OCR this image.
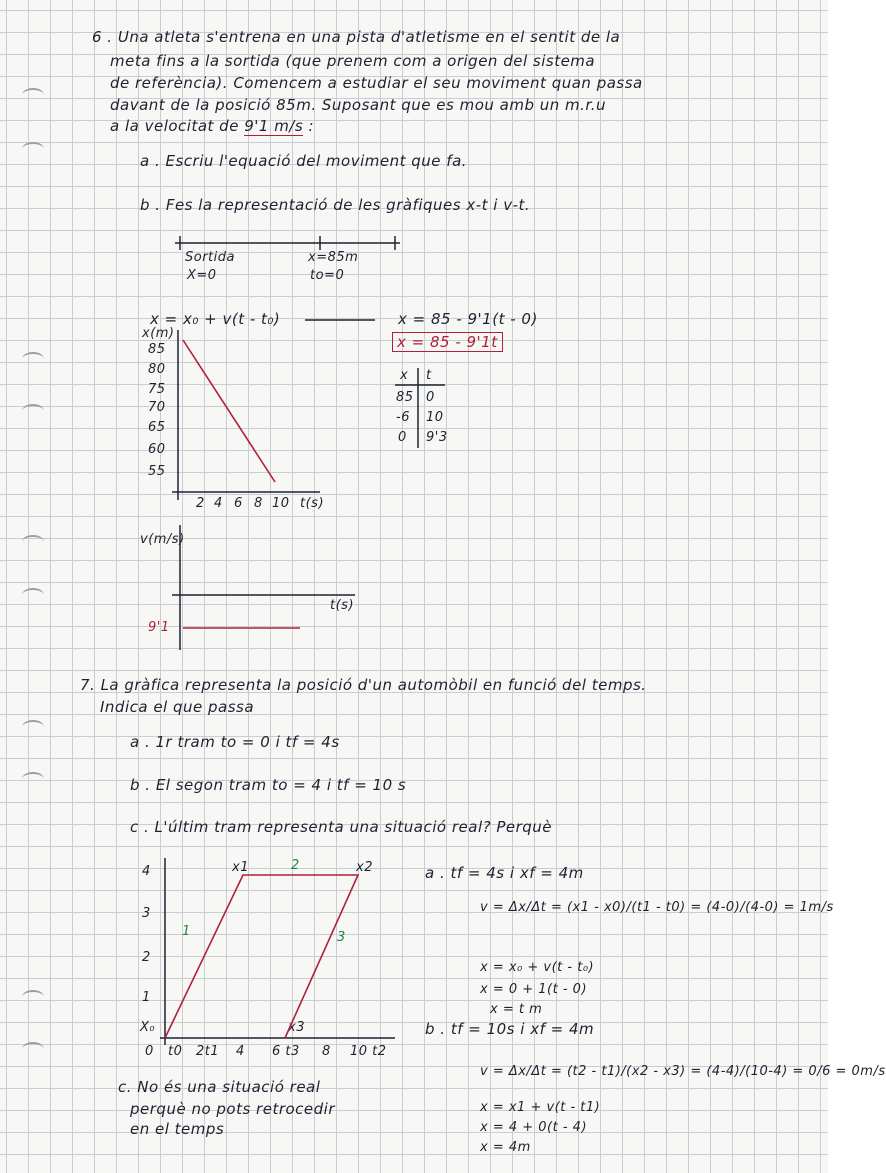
6 . Una atleta s'entrena en una pista d'atletisme en el sentit de la
meta fins a la sortida (que prenem com a origen del sistema
de referència). Comencem a estudiar el seu moviment quan passa
davant de la posició 85m. Suposant que es mou amb un m.r.u
a la velocitat de 9'1 m/s :
a . Escriu l'equació del moviment que fa.
b . Fes la representació de les gràfiques x-t i v-t.
Sortida
X=0
x=85m
to=0
x = x₀ + v(t - t₀)	x = 85 - 9'1(t - 0)
x = 85 - 9'1t
x t
85 0
-6 10
0 9'3
x(m)
85
80
75
70
65
60
55
2 4 6 8 10 t(s)
v(m/s)
t(s)
9'1
7. La gràfica representa la posició d'un automòbil en funció del temps.
Indica el que passa
a . 1r tram to = 0 i tf = 4s
b . El segon tram to = 4 i tf = 10 s
c . L'últim tram representa una situació real? Perquè
4
3
2
1
X₀
0 t0 2t1 4 6 t3 8 10 t2
x1	x2
x3
1
2
3
c. No és una situació real
perquè no pots retrocedir
en el temps
a . tf = 4s i xf = 4m
v = Δx/Δt = (x1 - x0)/(t1 - t0) = (4-0)/(4-0) = 1m/s
x = x₀ + v(t - t₀)
x = 0 + 1(t - 0)
x = t m
b . tf = 10s i xf = 4m
v = Δx/Δt = (t2 - t1)/(x2 - x3) = (4-4)/(10-4) = 0/6 = 0m/s
x = x1 + v(t - t1)
x = 4 + 0(t - 4)
x = 4m
